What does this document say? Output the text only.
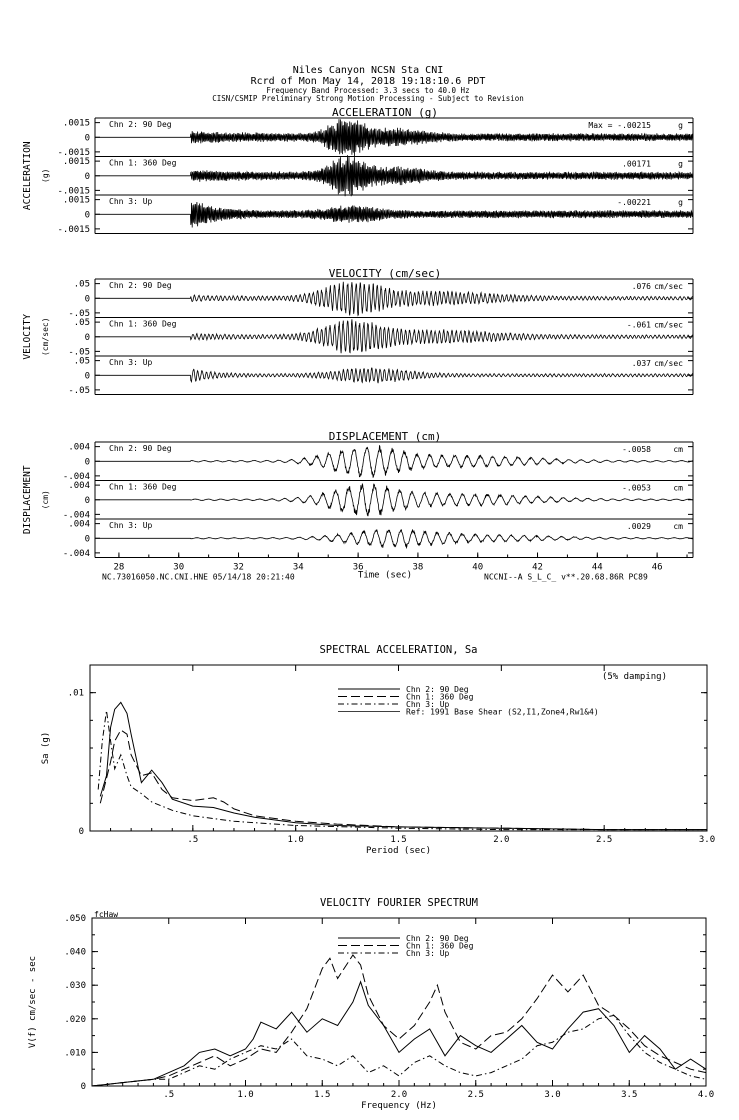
Niles Canyon NCSN Sta CNI
Rcrd of Mon May 14, 2018 19:18:10.6 PDT
Frequency Band Processed: 3.3 secs to 40.0 Hz
CISN/CSMIP Preliminary Strong Motion Processing - Subject to Revision
ACCELERATION (g)
ACCELERATION (g)
.0015
0
-.0015
Chn 2: 90 Deg	Max = -.00215	g
.0015
0
-.0015
Chn 1: 360 Deg	.00171	g
.0015
0
-.0015
Chn 3: Up	-.00221	g
VELOCITY (cm/sec)
VELOCITY (cm/sec)
.05
0
-.05
Chn 2: 90 Deg	.076 cm/sec
.05
0
-.05
Chn 1: 360 Deg	-.061 cm/sec
.05
0
-.05
Chn 3: Up	.037 cm/sec
DISPLACEMENT (cm)
DISPLACEMENT (cm)
.004
0
-.004
Chn 2: 90 Deg	-.0058	cm
.004
0
-.004
Chn 1: 360 Deg	-.0053	cm
.004
0
-.004
Chn 3: Up	.0029	cm
28	30	32	34	36	38	40	42	44	46
Time (sec)
NC.73016050.NC.CNI.HNE 05/14/18 20:21:40	NCCNI--A S_L_C_ v**.20.68.86R PC89
SPECTRAL ACCELERATION, Sa
.5	1.0	1.5	2.0	2.5	3.0
Period (sec)
.01
0
Sa (g)
(5% damping)
Chn 2: 90 Deg
Chn 1: 360 Deg
Chn 3: Up
Ref: 1991 Base Shear (S2,I1,Zone4,Rw1&4)
VELOCITY FOURIER SPECTRUM
.5	1.0	1.5	2.0	2.5	3.0	3.5	4.0
Frequency (Hz)
.050
.040
.030
.020
.010
0
V(f) cm/sec - sec
fcHaw
Chn 2: 90 Deg
Chn 1: 360 Deg
Chn 3: Up
